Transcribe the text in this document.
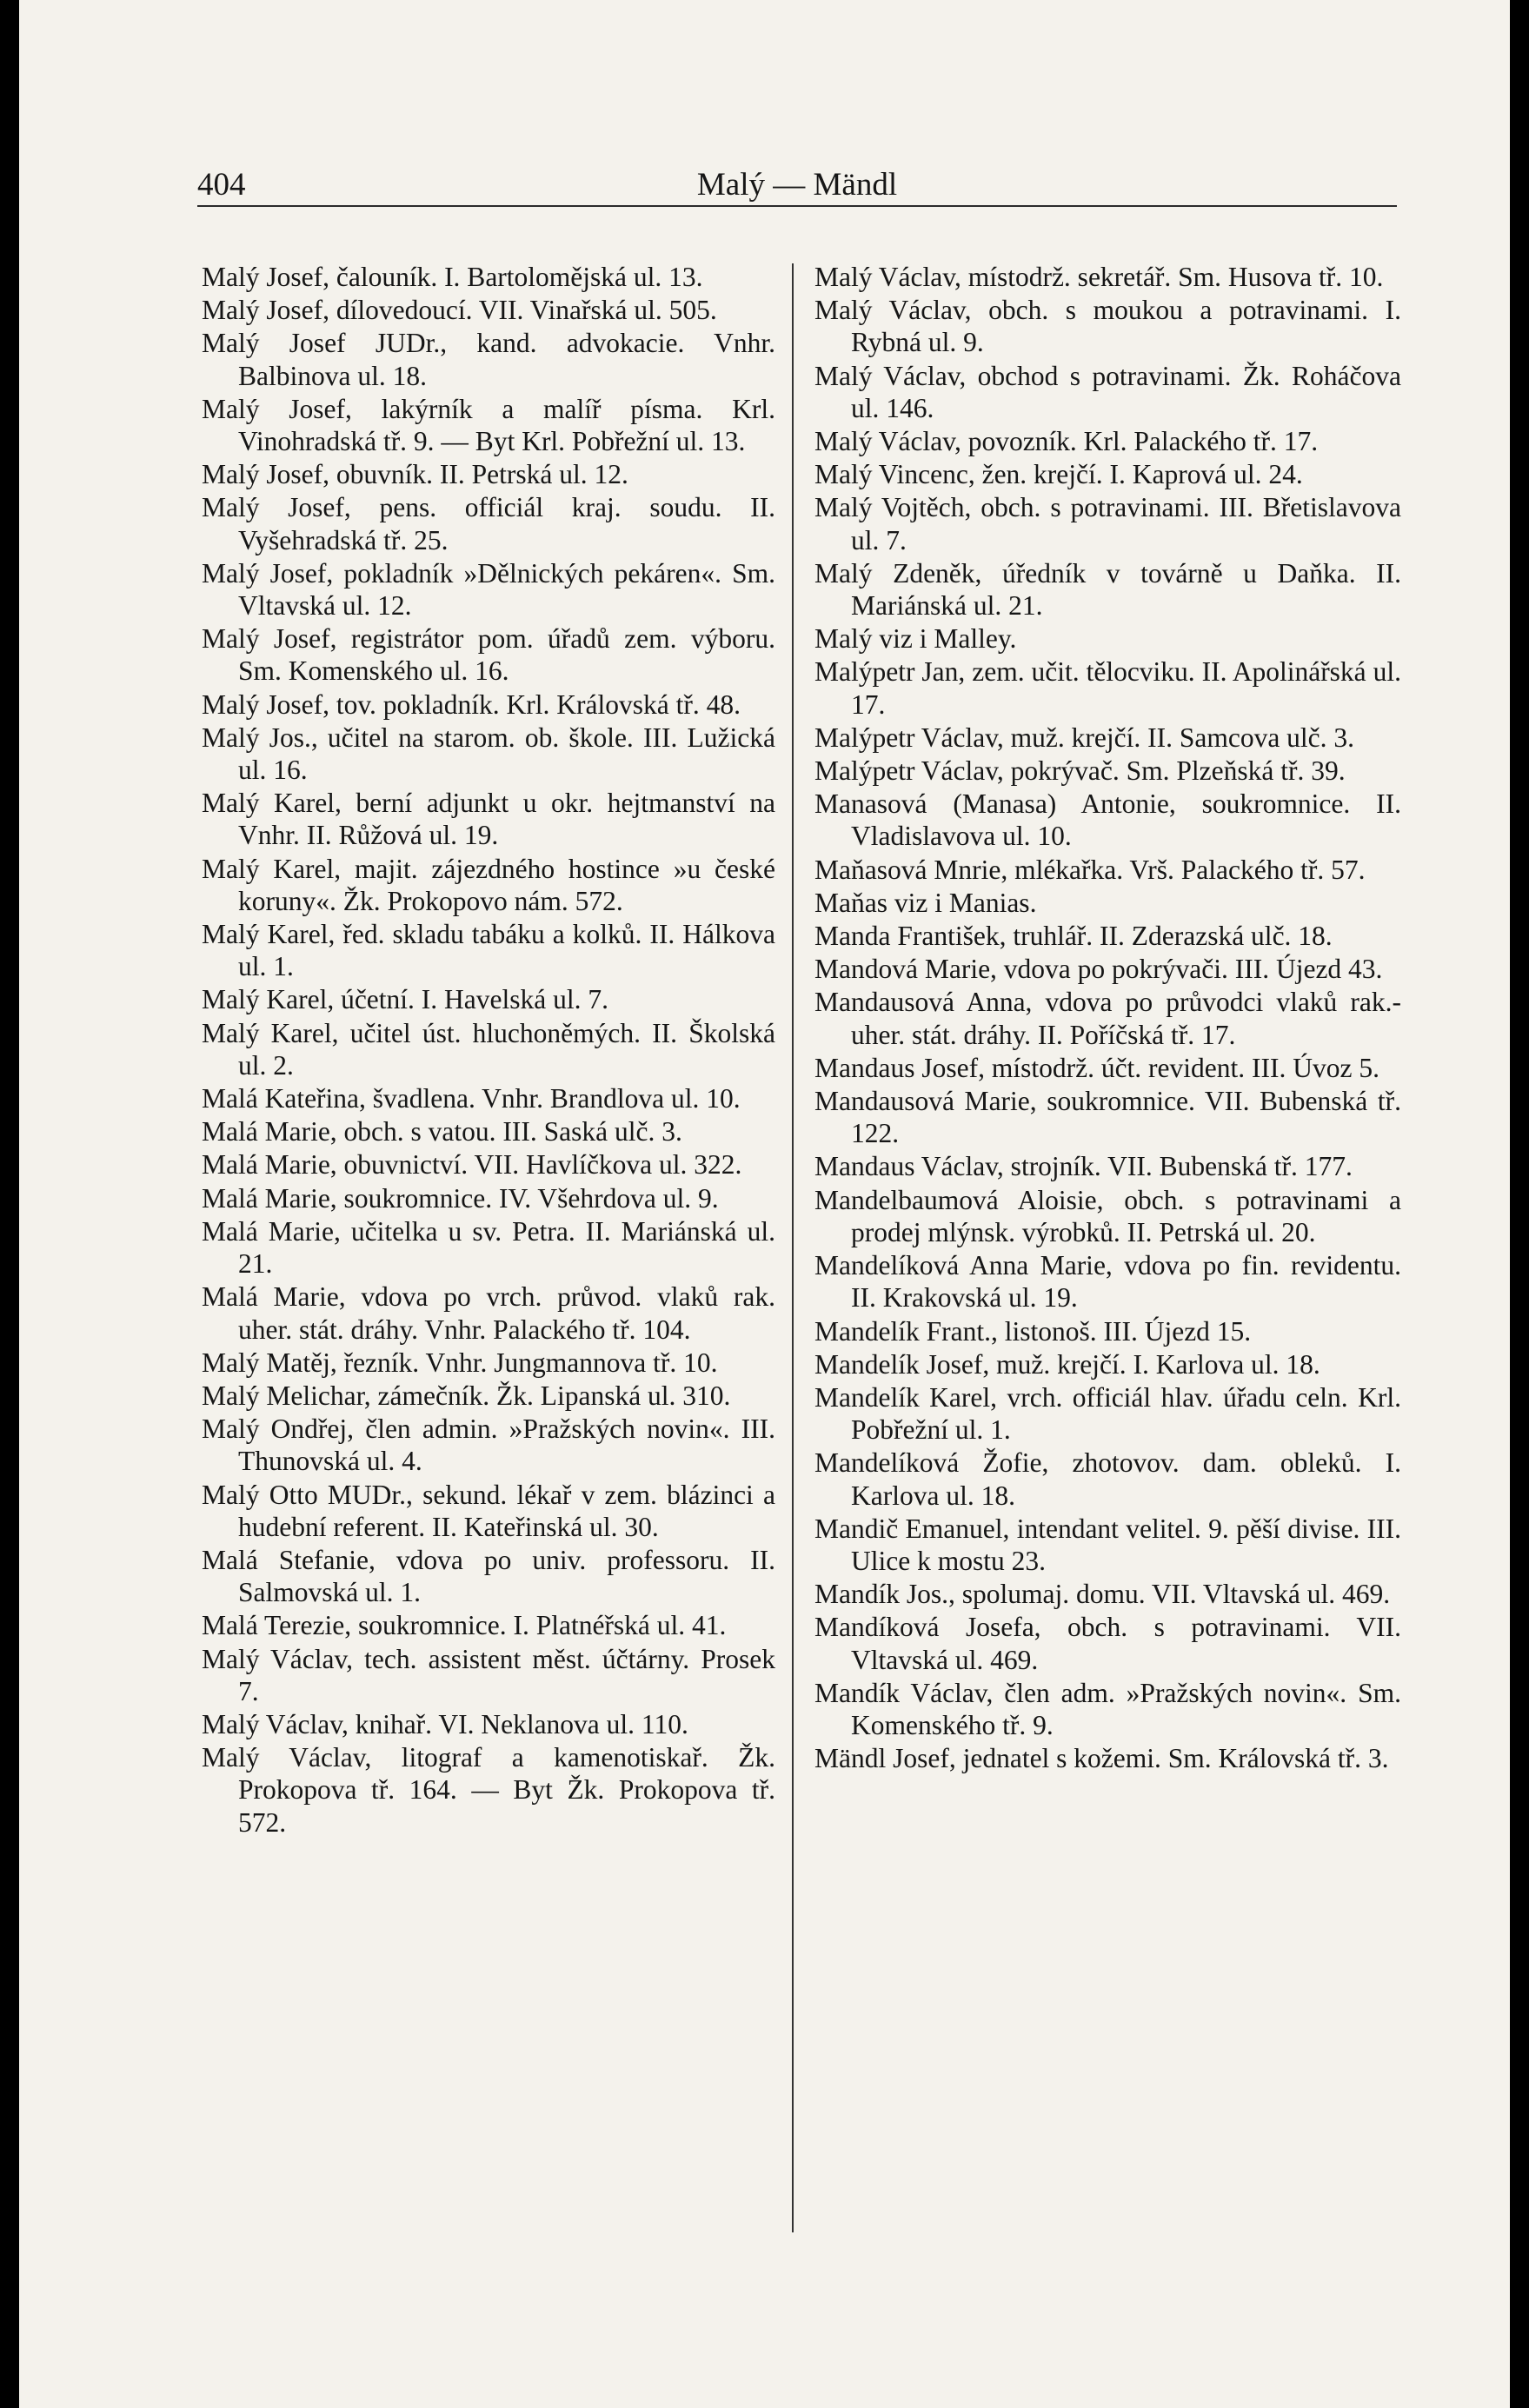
404	Malý — Mändl
Malý Josef, čalouník. I. Bartolomějská ul. 13.
Malý Josef, dílovedoucí. VII. Vinařská ul. 505.
Malý Josef JUDr., kand. advokacie. Vnhr. Balbinova ul. 18.
Malý Josef, lakýrník a malíř písma. Krl. Vinohradská tř. 9. — Byt Krl. Pobřežní ul. 13.
Malý Josef, obuvník. II. Petrská ul. 12.
Malý Josef, pens. officiál kraj. soudu. II. Vyšehradská tř. 25.
Malý Josef, pokladník »Dělnických pekáren«. Sm. Vltavská ul. 12.
Malý Josef, registrátor pom. úřadů zem. výboru. Sm. Komenského ul. 16.
Malý Josef, tov. pokladník. Krl. Královská tř. 48.
Malý Jos., učitel na starom. ob. škole. III. Lužická ul. 16.
Malý Karel, berní adjunkt u okr. hejtmanství na Vnhr. II. Růžová ul. 19.
Malý Karel, majit. zájezdného hostince »u české koruny«. Žk. Prokopovo nám. 572.
Malý Karel, řed. skladu tabáku a kolků. II. Hálkova ul. 1.
Malý Karel, účetní. I. Havelská ul. 7.
Malý Karel, učitel úst. hluchoněmých. II. Školská ul. 2.
Malá Kateřina, švadlena. Vnhr. Brandlova ul. 10.
Malá Marie, obch. s vatou. III. Saská ulč. 3.
Malá Marie, obuvnictví. VII. Havlíčkova ul. 322.
Malá Marie, soukromnice. IV. Všehrdova ul. 9.
Malá Marie, učitelka u sv. Petra. II. Mariánská ul. 21.
Malá Marie, vdova po vrch. průvod. vlaků rak. uher. stát. dráhy. Vnhr. Palackého tř. 104.
Malý Matěj, řezník. Vnhr. Jungmannova tř. 10.
Malý Melichar, zámečník. Žk. Lipanská ul. 310.
Malý Ondřej, člen admin. »Pražských novin«. III. Thunovská ul. 4.
Malý Otto MUDr., sekund. lékař v zem. blázinci a hudební referent. II. Kateřinská ul. 30.
Malá Stefanie, vdova po univ. professoru. II. Salmovská ul. 1.
Malá Terezie, soukromnice. I. Platnéřská ul. 41.
Malý Václav, tech. assistent měst. účtárny. Prosek 7.
Malý Václav, knihař. VI. Neklanova ul. 110.
Malý Václav, litograf a kamenotiskař. Žk. Prokopova tř. 164. — Byt Žk. Prokopova tř. 572.
Malý Václav, místodrž. sekretář. Sm. Husova tř. 10.
Malý Václav, obch. s moukou a potravinami. I. Rybná ul. 9.
Malý Václav, obchod s potravinami. Žk. Roháčova ul. 146.
Malý Václav, povozník. Krl. Palackého tř. 17.
Malý Vincenc, žen. krejčí. I. Kaprová ul. 24.
Malý Vojtěch, obch. s potravinami. III. Břetislavova ul. 7.
Malý Zdeněk, úředník v továrně u Daňka. II. Mariánská ul. 21.
Malý viz i Malley.
Malýpetr Jan, zem. učit. tělocviku. II. Apolinářská ul. 17.
Malýpetr Václav, muž. krejčí. II. Samcova ulč. 3.
Malýpetr Václav, pokrývač. Sm. Plzeňská tř. 39.
Manasová (Manasa) Antonie, soukromnice. II. Vladislavova ul. 10.
Maňasová Mnrie, mlékařka. Vrš. Palackého tř. 57.
Maňas viz i Manias.
Manda František, truhlář. II. Zderazská ulč. 18.
Mandová Marie, vdova po pokrývači. III. Újezd 43.
Mandausová Anna, vdova po průvodci vlaků rak.-uher. stát. dráhy. II. Poříčská tř. 17.
Mandaus Josef, místodrž. účt. revident. III. Úvoz 5.
Mandausová Marie, soukromnice. VII. Bubenská tř. 122.
Mandaus Václav, strojník. VII. Bubenská tř. 177.
Mandelbaumová Aloisie, obch. s potravinami a prodej mlýnsk. výrobků. II. Petrská ul. 20.
Mandelíková Anna Marie, vdova po fin. revidentu. II. Krakovská ul. 19.
Mandelík Frant., listonoš. III. Újezd 15.
Mandelík Josef, muž. krejčí. I. Karlova ul. 18.
Mandelík Karel, vrch. officiál hlav. úřadu celn. Krl. Pobřežní ul. 1.
Mandelíková Žofie, zhotovov. dam. obleků. I. Karlova ul. 18.
Mandič Emanuel, intendant velitel. 9. pěší divise. III. Ulice k mostu 23.
Mandík Jos., spolumaj. domu. VII. Vltavská ul. 469.
Mandíková Josefa, obch. s potravinami. VII. Vltavská ul. 469.
Mandík Václav, člen adm. »Pražských novin«. Sm. Komenského tř. 9.
Mändl Josef, jednatel s kožemi. Sm. Královská tř. 3.
